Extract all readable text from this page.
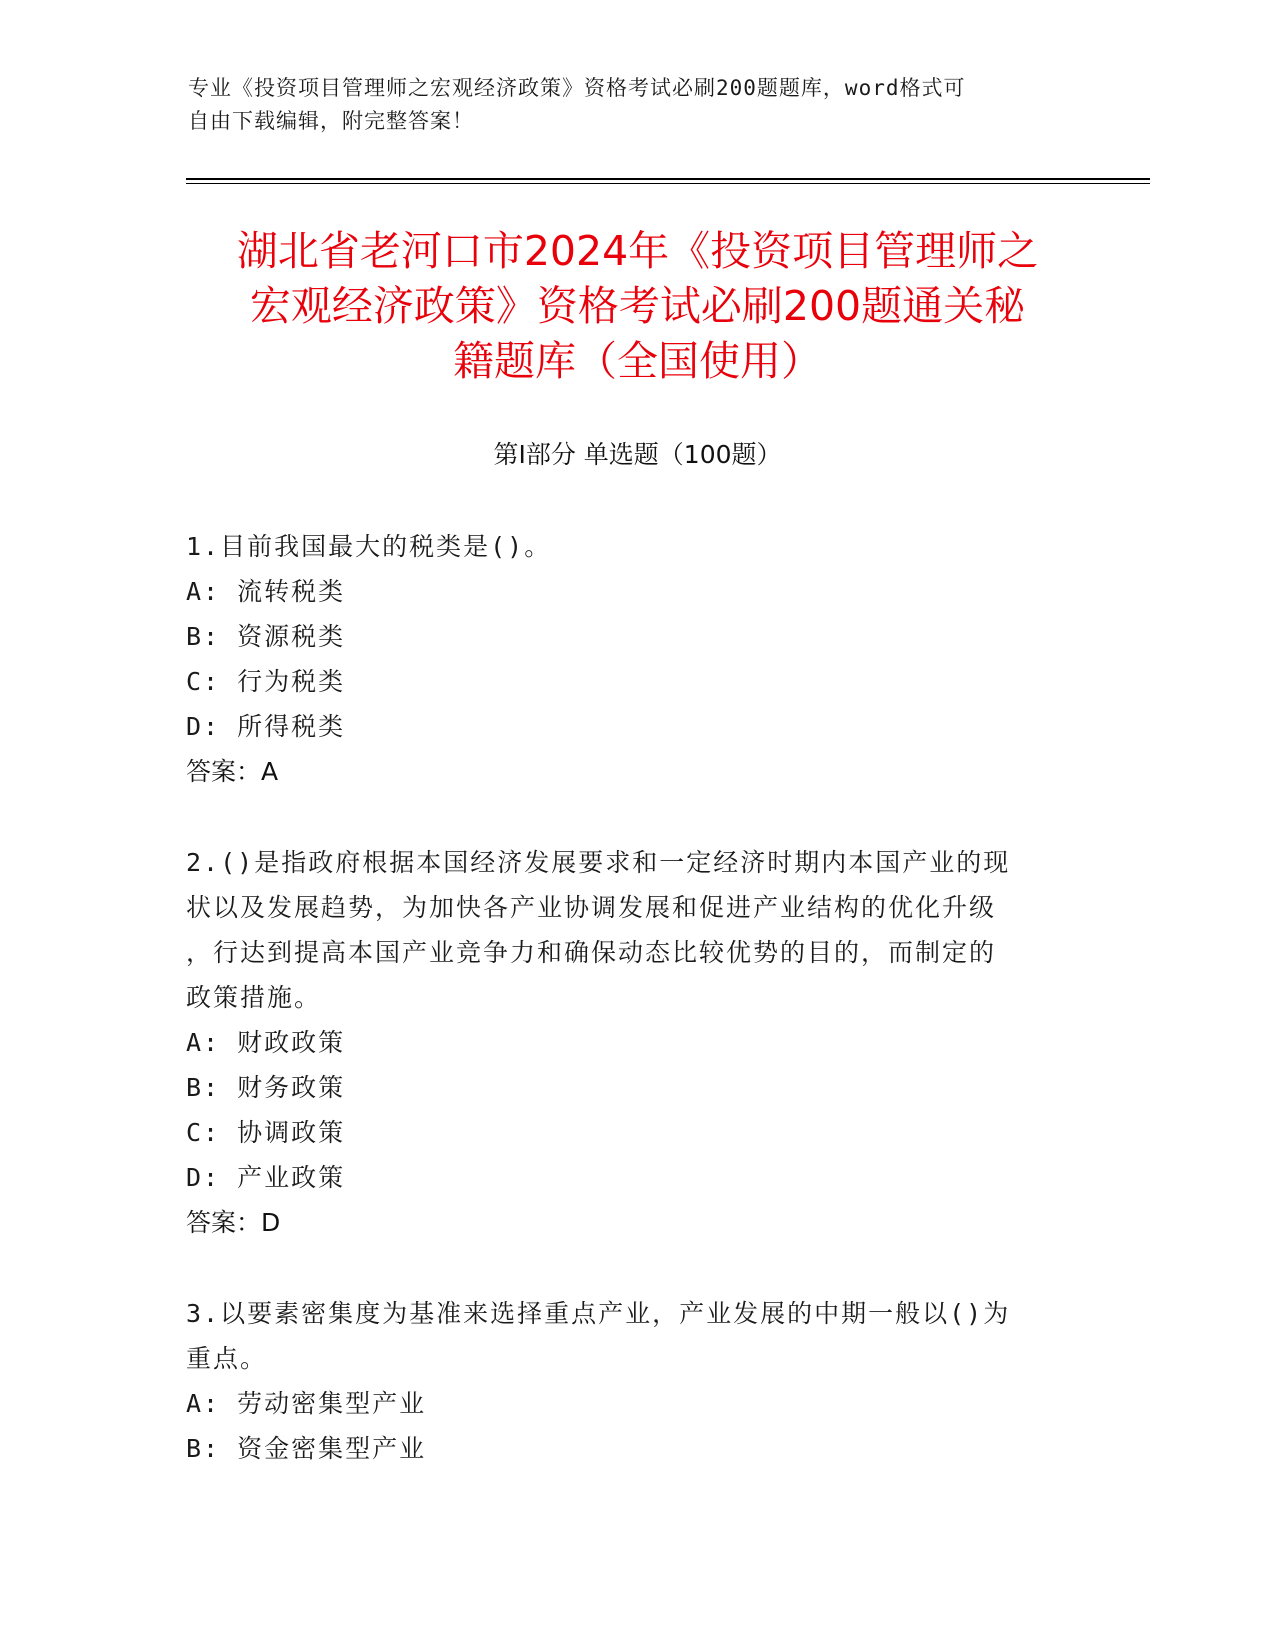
专业《投资项目管理师之宏观经济政策》资格考试必刷200题题库，word格式可
自由下载编辑，附完整答案！
湖北省老河口市2024年《投资项目管理师之
宏观经济政策》资格考试必刷200题通关秘
籍题库（全国使用）
第Ⅰ部分 单选题（100题）
1.目前我国最大的税类是()。
A: 流转税类
B: 资源税类
C: 行为税类
D: 所得税类
答案：A
2.()是指政府根据本国经济发展要求和一定经济时期内本国产业的现
状以及发展趋势，为加快各产业协调发展和促进产业结构的优化升级
，行达到提高本国产业竞争力和确保动态比较优势的目的，而制定的
政策措施。
A: 财政政策
B: 财务政策
C: 协调政策
D: 产业政策
答案：D
3.以要素密集度为基准来选择重点产业，产业发展的中期一般以()为
重点。
A: 劳动密集型产业
B: 资金密集型产业
